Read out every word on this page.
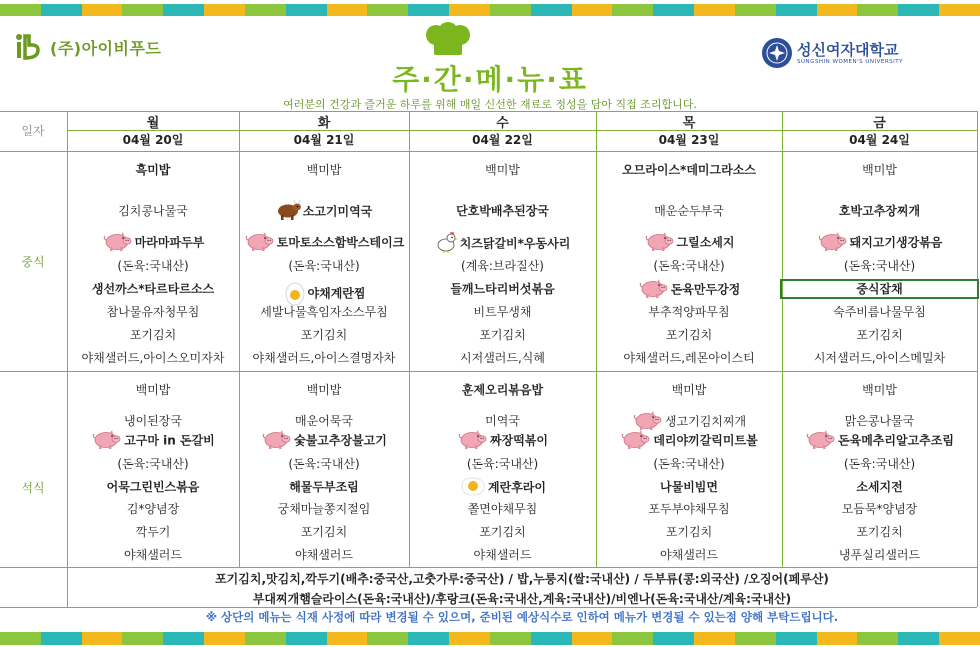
(주)아이비푸드
주·간·메·뉴·표
여러분의 건강과 즐거운 하루를 위해 매일 신선한 재료로 정성을 담아 직접 조리합니다.
성신여자대학교
SUNGSHIN WOMEN'S UNIVERSITY
일자
중식
석식
월
04월 20일
화
04월 21일
수
04월 22일
목
04월 23일
금
04월 24일
흑미밥
김치콩나물국
마라마파두부
(돈육:국내산)
생선까스*타르타르소스
참나물유자청무침
포기김치
야채샐러드,아이스오미자차
백미밥
소고기미역국
토마토소스함박스테이크
(돈육:국내산)
야채계란찜
세발나물흑임자소스무침
포기김치
야채샐러드,아이스결명자차
백미밥
단호박배추된장국
치즈닭갈비*우동사리
(계육:브라질산)
들깨느타리버섯볶음
비트무생채
포기김치
시저샐러드,식혜
오므라이스*데미그라소스
매운순두부국
그릴소세지
(돈육:국내산)
돈육만두강정
부추적양파무침
포기김치
야채샐러드,레몬아이스티
백미밥
호박고추장찌개
돼지고기생강볶음
(돈육:국내산)
중식잡채
숙주비름나물무침
포기김치
시저샐러드,아이스메밀차
백미밥
냉이된장국
고구마 in 돈갈비
(돈육:국내산)
어묵그린빈스볶음
김*양념장
깍두기
야채샐러드
백미밥
매운어묵국
숯불고추장불고기
(돈육:국내산)
해물두부조림
궁채마늘쫑지절임
포기김치
야채샐러드
훈제오리볶음밥
미역국
짜장떡볶이
(돈육:국내산)
계란후라이
쫄면야채무침
포기김치
야채샐러드
백미밥
생고기김치찌개
데리야끼갈릭미트볼
(돈육:국내산)
나물비빔면
포두부야채무침
포기김치
야채샐러드
백미밥
맑은콩나물국
돈육메추리알고추조림
(돈육:국내산)
소세지전
모듬묵*양념장
포기김치
냉푸실리샐러드
포기김치,맛김치,깍두기(배추:중국산,고춧가루:중국산) / 밥,누룽지(쌀:국내산) / 두부류(콩:외국산) /오징어(페루산)
부대찌개햄슬라이스(돈육:국내산)/후랑크(돈육:국내산,계육:국내산)/비엔나(돈육:국내산/계육:국내산)
※ 상단의 메뉴는 식재 사정에 따라 변경될 수 있으며, 준비된 예상식수로 인하여 메뉴가 변경될 수 있는점 양해 부탁드립니다.
